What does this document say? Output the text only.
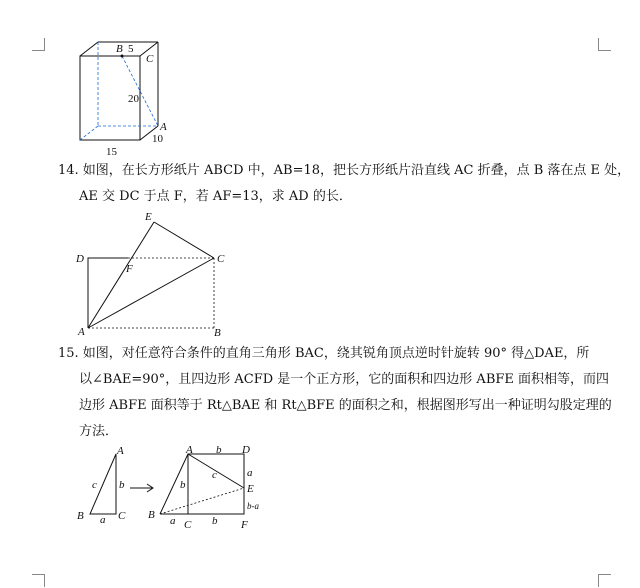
B 5
C
20
A
10
15
14. 如图，在长方形纸片 ABCD 中，AB=18，把长方形纸片沿直线 AC 折叠，点 B 落在点 E 处，
AE 交 DC 于点 F，若 AF=13，求 AD 的长．
D	C
E
F
A	B
15. 如图，对任意符合条件的直角三角形 BAC，绕其锐角顶点逆时针旋转 90° 得△DAE，所
以∠BAE=90°，且四边形 ACFD 是一个正方形，它的面积和四边形 ABFE 面积相等，而四
边形 ABFE 面积等于 Rt△BAE 和 Rt△BFE 的面积之和，根据图形写出一种证明勾股定理的
方法．
A
B	C
c b
a
A	D
b
a
E
c
b
b-a
B a C b F
